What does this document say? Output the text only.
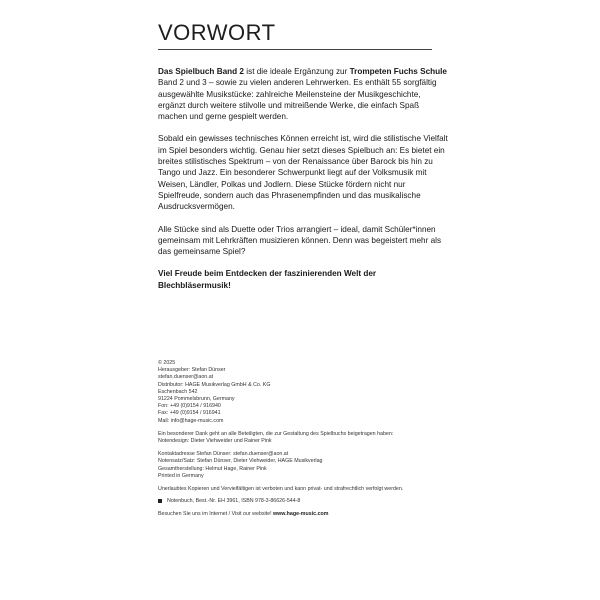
VORWORT

Das Spielbuch Band 2 ist die ideale Ergänzung zur Trompeten Fuchs Schule Band 2 und 3 – sowie zu vielen anderen Lehrwerken. Es enthält 55 sorgfältig ausgewählte Musikstücke: zahlreiche Meilensteine der Musikgeschichte, ergänzt durch weitere stilvolle und mitreißende Werke, die einfach Spaß machen und gerne gespielt werden.

Sobald ein gewisses technisches Können erreicht ist, wird die stilistische Vielfalt im Spiel besonders wichtig. Genau hier setzt dieses Spielbuch an: Es bietet ein breites stilistisches Spektrum – von der Renaissance über Barock bis hin zu Tango und Jazz. Ein besonderer Schwerpunkt liegt auf der Volksmusik mit Weisen, Ländler, Polkas und Jodlern. Diese Stücke fördern nicht nur Spielfreude, sondern auch das Phrasenempfinden und das musikalische Ausdrucksvermögen.

Alle Stücke sind als Duette oder Trios arrangiert – ideal, damit Schüler*innen gemeinsam mit Lehrkräften musizieren können. Denn was begeistert mehr als das gemeinsame Spiel?

Viel Freude beim Entdecken der faszinierenden Welt der Blechbläsermusik!

© 2025
Herausgeber: Stefan Dünser
stefan.duenser@aon.at
Distributor: HAGE Musikverlag GmbH & Co. KG
Eschenbach 542
91224 Pommelsbrunn, Germany
Fon: +49 (0)9154 / 916940
Fax: +49 (0)9154 / 916941
Mail: info@hage-music.com
Ein besonderer Dank geht an alle Beteiligten, die zur Gestaltung des Spielbuchs beigetragen haben:
Notendesign: Dieter Viehweider und Rainer Pink
Kontaktadresse Stefan Dünser: stefan.duenser@aon.at
Notensatz/Satz: Stefan Dünser, Dieter Viehweider, HAGE Musikverlag
Gesamtherstellung: Helmut Hage, Rainer Pink
Printed in Germany
Unerlaubtes Kopieren und Vervielfältigen ist verboten und kann privat- und strafrechtlich verfolgt werden.
Notenbuch, Best.-Nr. EH 3961, ISBN 978-3-86626-544-8
Besuchen Sie uns im Internet / Visit our website! www.hage-music.com
